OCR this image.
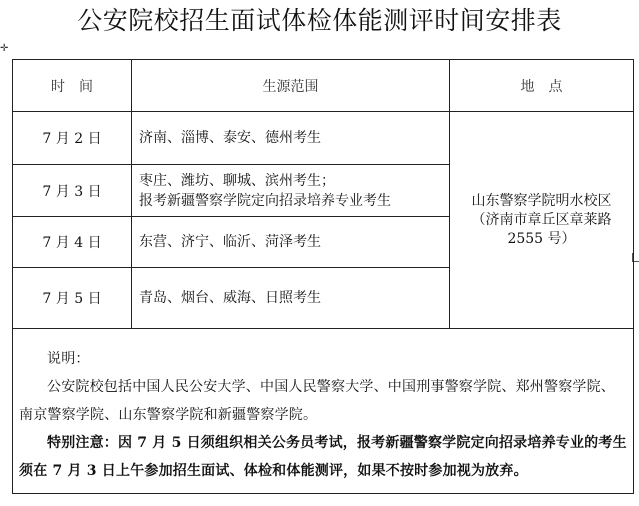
公安院校招生面试体检体能测评时间安排表
✛
时　间	生源范围	地　点
7 月 2 日	济南、淄博、泰安、德州考生	山东警察学院明水校区
（济南市章丘区章莱路
2555 号）

7 月 3 日	枣庄、潍坊、聊城、滨州考生；
报考新疆警察学院定向招录培养专业考生	

7 月 4 日	东营、济宁、临沂、菏泽考生	

7 月 5 日	青岛、烟台、威海、日照考生	

说明：

公安院校包括中国人民公安大学、中国人民警察大学、中国刑事警察学院、郑州警察学院、南京警察学院、山东警察学院和新疆警察学院。

特别注意：因 7 月 5 日须组织相关公务员考试，报考新疆警察学院定向招录培养专业的考生须在 7 月 3 日上午参加招生面试、体检和体能测评，如果不按时参加视为放弃。		
